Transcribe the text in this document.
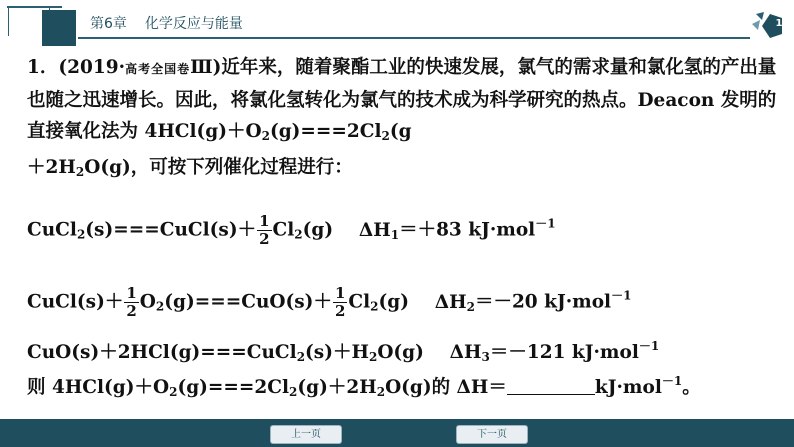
第6章 化学反应与能量	1

1．(2019·高考全国卷Ⅲ)近年来，随着聚酯工业的快速发展，氯气的需求量和氯化氢的产出量也随之迅速增长。因此，将氯化氢转化为氯气的技术成为科学研究的热点。Deacon 发明的直接氧化法为 $4HCl(g)+O_2(g)===2Cl_2(g$
$+2H_2O(g)$，可按下列催化过程进行：

CuCl$_2$(s)===CuCl(s)＋ $\frac{1}{2} Cl_2(g)$ $\Delta H_1=+83$ kJ·mol$^{-1}$
CuCl(s)＋ $\frac{1}{2} O_2(g)===CuO(s)+ \frac{1}{2} Cl_2(g)$ $\Delta H_2=-20$ kJ·mol$^{-1}$
$CuO(s)+2HCl(g)===CuCl_2(s)+H_2O(g)$ $\Delta H_3=-121$ kJ·mol$^{-1}$
则 $4HCl(g)+O_2(g)===2Cl_2(g)+2H_2O(g)$的 ΔH＝	kJ·mol$^{-1}$。
上一页	下一页
